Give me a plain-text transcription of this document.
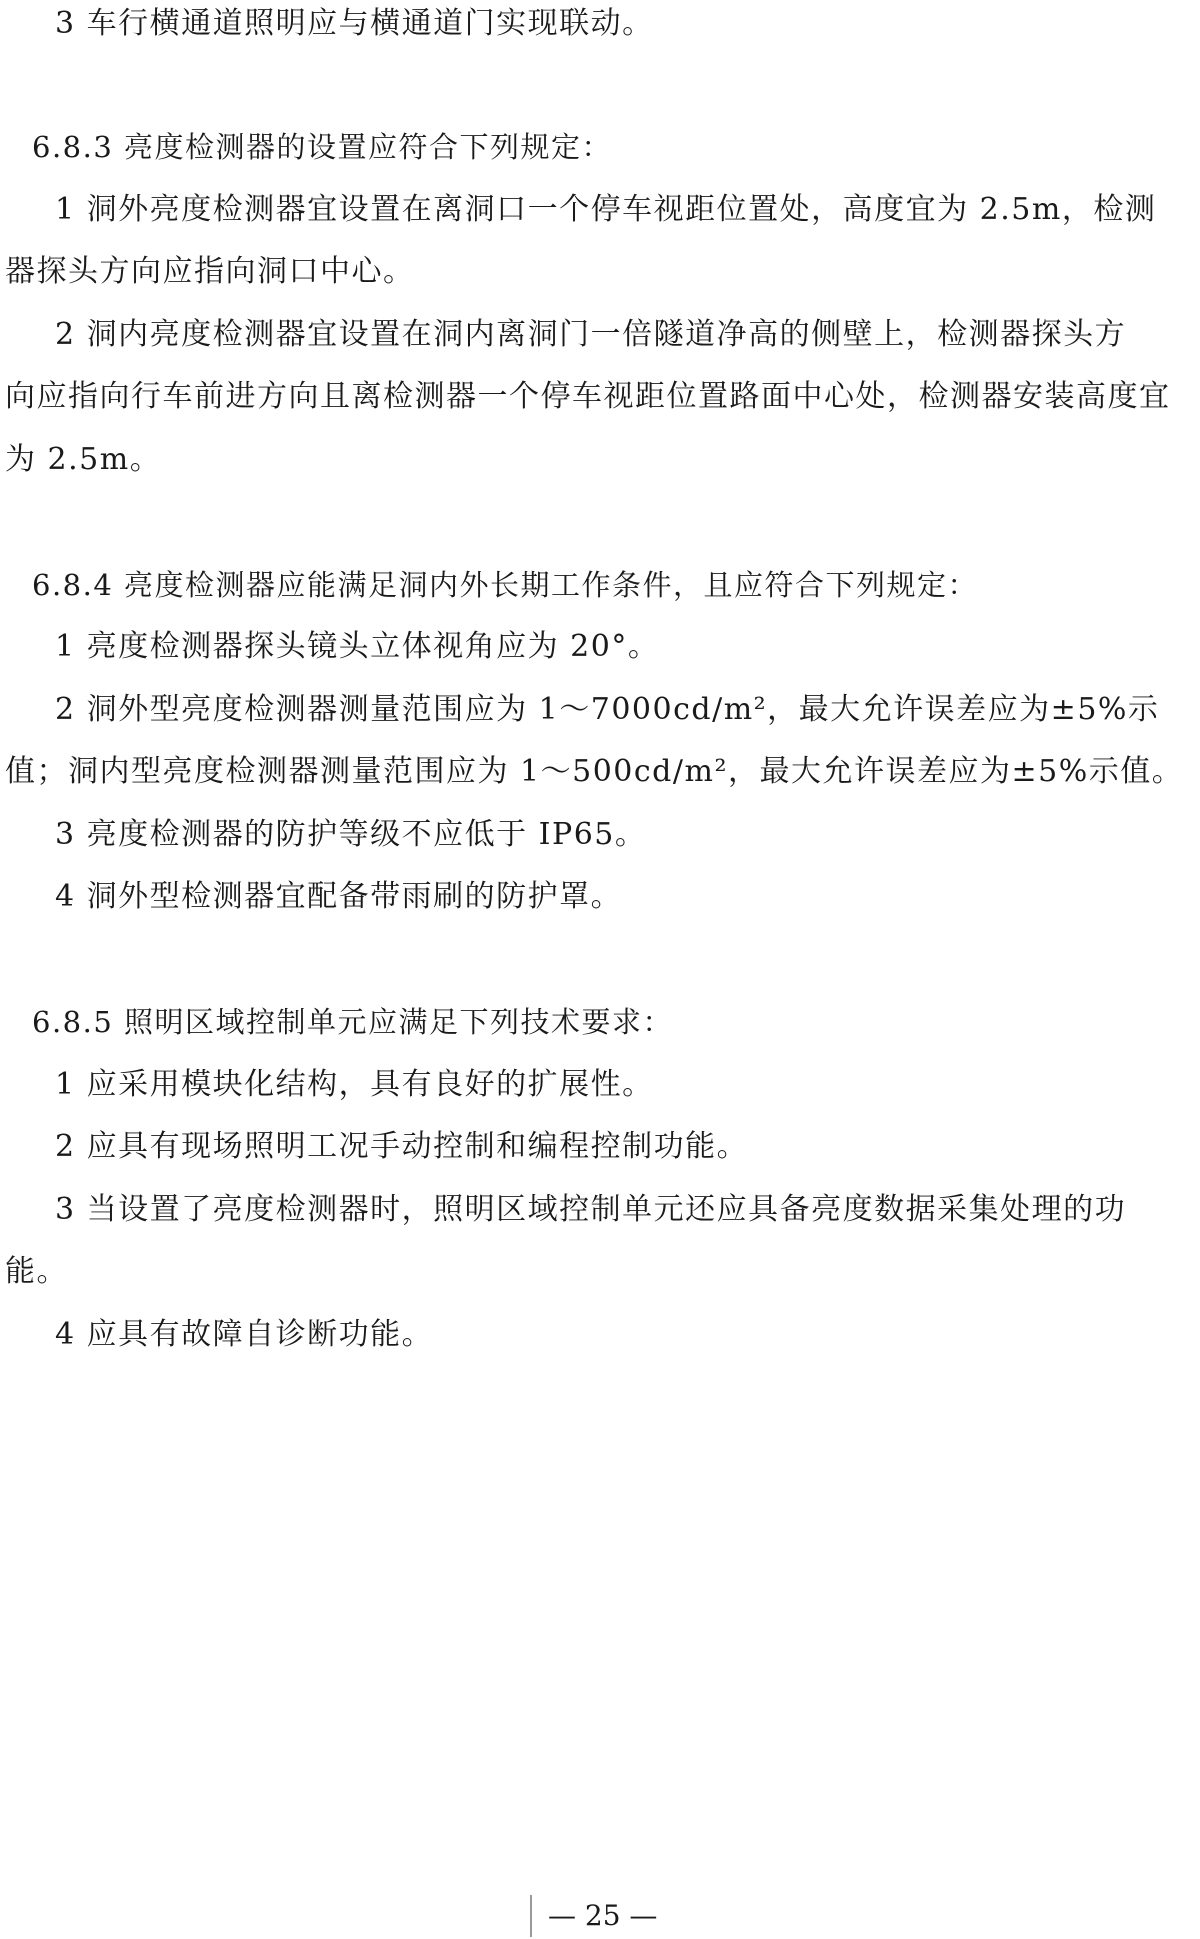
3 车行横通道照明应与横通道门实现联动。
6.8.3 亮度检测器的设置应符合下列规定：
1 洞外亮度检测器宜设置在离洞口一个停车视距位置处，高度宜为 2.5m，检测
器探头方向应指向洞口中心。
2 洞内亮度检测器宜设置在洞内离洞门一倍隧道净高的侧壁上，检测器探头方
向应指向行车前进方向且离检测器一个停车视距位置路面中心处，检测器安装高度宜
为 2.5m。
6.8.4 亮度检测器应能满足洞内外长期工作条件，且应符合下列规定：
1 亮度检测器探头镜头立体视角应为 20°。
2 洞外型亮度检测器测量范围应为 1～7000cd/m²，最大允许误差应为±5%示
值；洞内型亮度检测器测量范围应为 1～500cd/m²，最大允许误差应为±5%示值。
3 亮度检测器的防护等级不应低于 IP65。
4 洞外型检测器宜配备带雨刷的防护罩。
6.8.5 照明区域控制单元应满足下列技术要求：
1 应采用模块化结构，具有良好的扩展性。
2 应具有现场照明工况手动控制和编程控制功能。
3 当设置了亮度检测器时，照明区域控制单元还应具备亮度数据采集处理的功
能。
4 应具有故障自诊断功能。
— 25 —
